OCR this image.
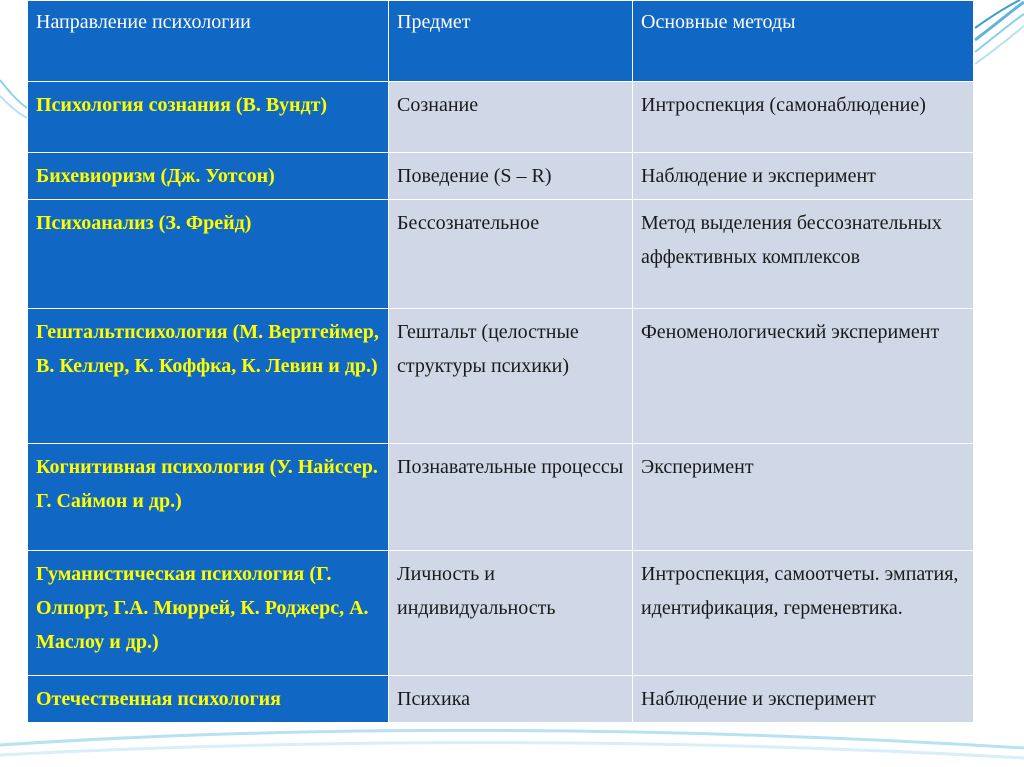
Направление психологии	Предмет	Основные методы
Психология сознания (В. Вундт)	Сознание	Интроспекция (самонаблюдение)
Бихевиоризм (Дж. Уотсон)	Поведение (S – R)	Наблюдение и эксперимент
Психоанализ (З. Фрейд)	Бессознательное	Метод выделения бессознательных аффективных комплексов
Гештальтпсихология (М. Вертгеймер, В. Келлер, К. Коффка, К. Левин и др.)	Гештальт (целостные структуры психики)	Феноменологический эксперимент
Когнитивная психология (У. Найссер. Г. Саймон и др.)	Познавательные процессы	Эксперимент
Гуманистическая психология (Г. Олпорт, Г.А. Мюррей, К. Роджерс, А. Маслоу и др.)	Личность и индивидуальность	Интроспекция, самоотчеты. эмпатия, идентификация, герменевтика.
Отечественная психология	Психика	Наблюдение и эксперимент
